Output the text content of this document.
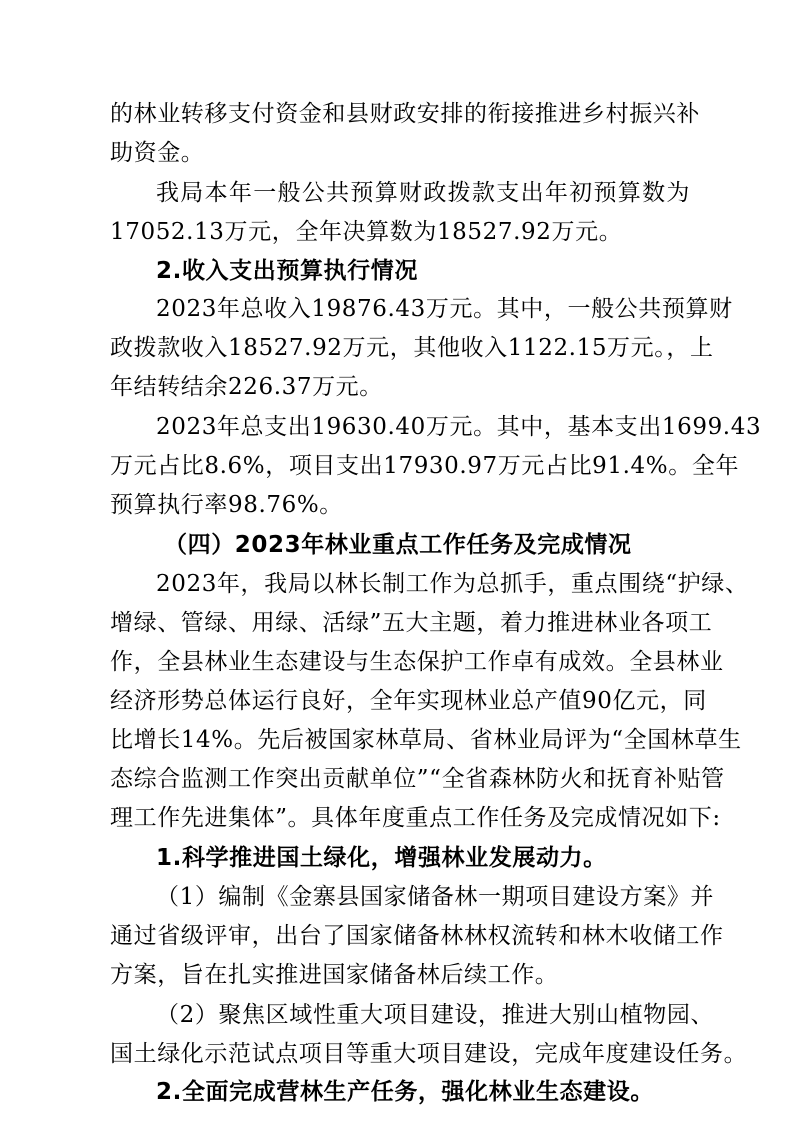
的林业转移支付资金和县财政安排的衔接推进乡村振兴补
助资金。
我局本年一般公共预算财政拨款支出年初预算数为
17052.13万元，全年决算数为18527.92万元。
2.收入支出预算执行情况
2023年总收入19876.43万元。其中，一般公共预算财
政拨款收入18527.92万元，其他收入1122.15万元。，上
年结转结余226.37万元。
2023年总支出19630.40万元。其中，基本支出1699.43
万元占比8.6%，项目支出17930.97万元占比91.4%。全年
预算执行率98.76%。
（四）2023年林业重点工作任务及完成情况
2023年，我局以林长制工作为总抓手，重点围绕“护绿、
增绿、管绿、用绿、活绿”五大主题，着力推进林业各项工
作，全县林业生态建设与生态保护工作卓有成效。全县林业
经济形势总体运行良好，全年实现林业总产值90亿元，同
比增长14%。先后被国家林草局、省林业局评为“全国林草生
态综合监测工作突出贡献单位”“全省森林防火和抚育补贴管
理工作先进集体”。具体年度重点工作任务及完成情况如下:
1.科学推进国土绿化，增强林业发展动力。
（1）编制《金寨县国家储备林一期项目建设方案》并
通过省级评审，出台了国家储备林林权流转和林木收储工作
方案，旨在扎实推进国家储备林后续工作。
（2）聚焦区域性重大项目建设，推进大别山植物园、
国土绿化示范试点项目等重大项目建设，完成年度建设任务。
2.全面完成营林生产任务，强化林业生态建设。
